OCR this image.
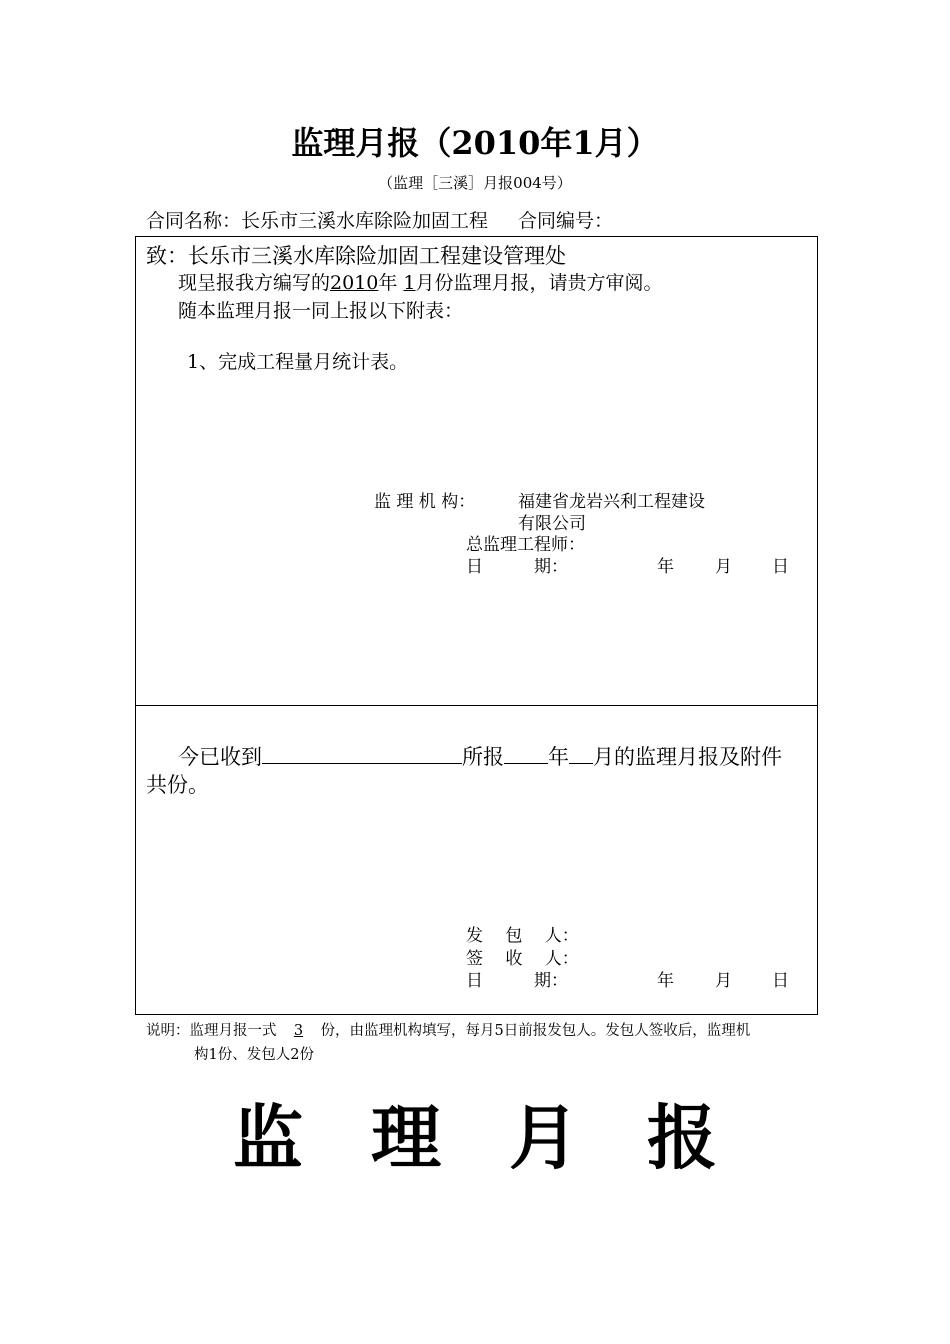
监理月报（2010年1月）
（监理［三溪］月报004号）
合同名称：长乐市三溪水库除险加固工程 合同编号：
致：长乐市三溪水库除险加固工程建设管理处
现呈报我方编写的2010年 1月份监理月报，请贵方审阅。
随本监理月报一同上报以下附表：
1、完成工程量月统计表。
监 理 机 构：	福建省龙岩兴利工程建设
有限公司
总监理工程师：
日　　　期：	年 月 日
今已收到	所报 年 月的监理月报及附件
共份。
发　 包　 人：
签　 收　 人：
日　　　期：	年 月 日
说明：监理月报一式 3 份，由监理机构填写，每月5日前报发包人。发包人签收后，监理机
构1份、发包人2份
监 理 月 报
